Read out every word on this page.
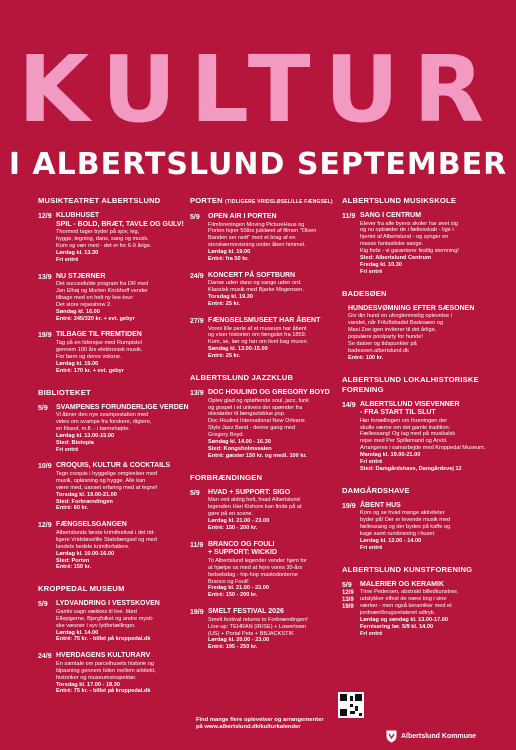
KULTUR
I ALBERTSLUND SEPTEMBER
MUSIKTEATRET ALBERTSLUND
12/9 KLUBHUSET
SPIL - BOLD, BRÆT, TAVLE OG GULV!
Thormod tager byder på sjov, leg,
hygge, tegning, dans, sang og musik.
Kom og vær med - det er for 6-9 årige.
Lørdag kl. 13.30
Fri entré
13/9 NU STJERNER
Det succesfulde program fra DR med
Jan Elhøj og Morten Kirckhoff vender
tilbage med en helt ny live-tour:
Det store rejseshow 2.
Søndag kl. 16.00
Entré: 245/320 kr. + evt. gebyr
19/9 TILBAGE TIL FREMTIDEN
Tag på en tidsrejse med Rumpistol
gennem 100 års elektronisk musik.
For børn og deres voksne.
Lørdag kl. 15.00
Entré: 170 kr. + evt. gebyr
BIBLIOTEKET
5/9 SVAMPENES FORUNDERLIGE VERDEN
Vi åbner den nye svampestation med
video om svampe fra forskere, digtere,
en filosof, m.fl. - i børnehøjde.
Lørdag kl. 13.00-15.00
Sted: Biotopia
Fri entré
10/9 CROQUIS, KULTUR & COCKTAILS
Tegn croquis i hyggelige omgivelser med
musik, opløsning og hygge. Alle kan
være med, uanset erfaring med at tegne!
Torsdag kl. 19.00-21.00
Sted: Forbrændingen
Entré: 60 kr.
12/9 FÆNGSELSGANGEN
Albertslunds første krimifestival i det tid-
ligere Vridsløselille Statsfængsel og med
landets bedste krimiforfattere.
Lørdag kl. 10.00-16.00
Sted: Porten
Entré: 150 kr.
KROPPEDAL MUSEUM
5/9 LYDVANDRING I VESTSKOVEN
Gamle sagn vækkes til live. Mød
Ellepigerne, Bjergfolket og andre mysti-
ske væsner i syv lydfortællinger.
Lørdag kl. 14.00
Entré: 75 kr. - billet på kroppedal.dk
24/9 HVERDAGENS KULTURARV
En samtale om parcelhusets historie og
tilpasning gennem tiden mellem arkitekt,
historiker og museumsinspektør.
Torsdag kl. 17.00 - 18.30
Entré: 75 kr. - billet på kroppedal.dk
PORTEN (TIDLIGERE VRIDSLØSELILLE FÆNGSEL)
5/9 OPEN AIR I PORTEN
Filmforeningen Moving PictureHaus og
Porten fejrer 50års jubilæet af filmen "Olsen
Banden ser rødt" med et brag af en
storskærmsvisning under åben himmel.
Lørdag kl. 19.00
Entré: fra 50 kr.
24/9 KONCERT PÅ SOFTBURN
Danse uden dans og sange uden ord.
Klassisk musik med Bjarke Mogensen.
Torsdag kl. 19.30
Entré: 25 kr.
27/9 FÆNGSELSMUSEET HAR ÅBENT
Vores lille perle af et museum har åbent
og viser historien om fængslet fra 1859.
Kom, se, lær og hør om livet bag muren.
Søndag kl. 13.00-15.00
Entré: 25 kr.
ALBERTSLUND JAZZKLUB
13/9 DOC HOULIND OG GREGORY BOYD
Oplev glad og opløftende soul, jazz, funk
og gospel i et univers der spænder fra
oliestøder til fængselsblue pop.
Doc Houlind International New Orleans
Style Jazz Band - denne gang med
Gregory Boyd.
Søndag kl. 14.00 - 16.30
Sted: Kongsholmssalen
Entré: gæster 150 kr. og medl. 100 kr.
FORBRÆNDINGEN
5/9 HVAD + SUPPORT: SIGO
Man ved aldrig helt, hvad Albertslund
legenden Hari Kishore kan finde på at
gøre på en scene.
Lørdag kl. 21.00 - 23.00
Entré: 150 - 200 kr.
11/9 BRANCO OG FOULI
+ SUPPORT: WICKID
To Albertslund legender vender hjem for
at hjælpe os med at fejre vores 30-års
fødselsdag - hip-hop mastodonterne
Branco og Fouli!
Fredag kl. 21.00 - 23.00
Entré: 150 - 200 kr.
19/9 SMELT FESTIVAL 2026
Smelt festival returns to Forbrændingen!
Line-up: TEHRAN (IR/SE) + Lowertown
(US) + Portal Pets + BBJACKSTIK
Lørdag kl. 20.00 - 23.00
Entré: 195 - 250 kr.
ALBERTSLUND MUSIKSKOLE
11/9 SANG I CENTRUM
Elever fra alle byens skoler har øvet sig
og nu optræder de i fællesskab - lige i
hjertet af Albertslund - og synger en
masse fantastiske sange.
Kig forbi - vi garanterer festlig stemning!
Sted: Albertslund Centrum
Fredag kl. 10.30
Fri entré
BADESØEN
HUNDESVØMNING EFTER SÆSONEN
Giv din hund en uforglemmelig oplevelse i
vandet, når Friluftsbadet Badesøen og
Maxi Zoo igen inviterer til det årlige,
populære poolparty for hunde!
Se datoer og tidspunkter på
badesoen.albertslund.dk
Entré: 100 kr.
ALBERTSLUND LOKALHISTORISKE FORENING
14/9 ALBERTSLUND VISEVENNER
- FRA START TIL SLUT
Hør fortællingen om foreningen der
skulle værne om det gamle tradition:
Fællessang! Og tag med på musikalsk
rejse med Per Spillemand og Arvid.
Arrangeres i samarbejde med Kroppedal Museum.
Mandag kl. 19.00-21.00
Fri entré
Sted: Damgårdshave, Damgårdsvej 12
DAMGÅRDSHAVE
19/9 ÅBENT HUS
Kom og se hvad mange aktiviteter
byder på! Der er levende musik med
fællessang og der bydes på kaffe og
kage samt rundvisning i huset.
Lørdag kl. 12.00 - 14.00
Fri entré
ALBERTSLUND KUNSTFORENING
5/9
12/9
13/9
19/9
MALERIER OG KERAMIK
Trine Pedersen, abstrakt billedkunstner,
udstykker elfest de nære ting i sine
værker - men også keramiker med et
jordnært/brugsrelateret udtryk.
Lørdag og søndag kl. 13.00-17.00
Fernisering lør. 5/9 kl. 14.00
Fri entré
Find mange flere oplevelser og arrangementer
på www.albertslund.dk/kulturkalender
Albertslund Kommune
